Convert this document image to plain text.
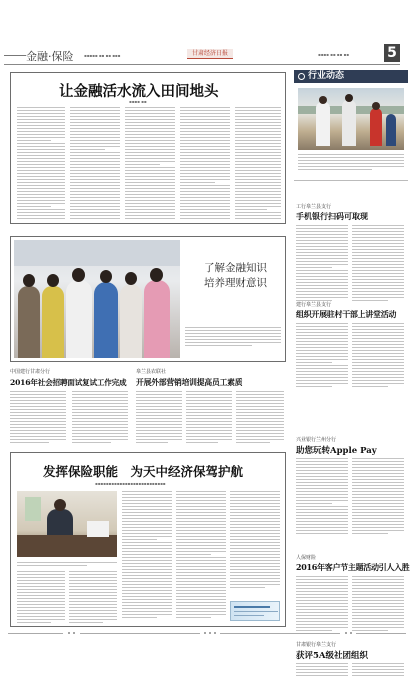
金融·保险	▪▪▪▪▪ ▪▪ ▪▪ ▪▪▪	甘肃经济日报	▪▪▪▪ ▪▪ ▪▪ ▪▪	5
让金融活水流入田间地头
▪▪▪▪ ▪▪
行业动态
工行皋兰县支行
手机银行扫码可取现
建行皋兰县支行
组织开展驻村干部上讲堂活动
兴业银行兰州分行
助您玩转Apple Pay
人保财险
2016年客户节主题活动引人入胜
甘肃银行皋兰支行
获评5A级社团组织
了解金融知识
培养理财意识
中国建行甘肃分行
2016年社会招聘面试复试工作完成
皋兰县农联社
开展外部营销培训提高员工素质
发挥保险职能　为天中经济保驾护航
▪▪▪▪▪▪▪▪▪▪▪▪▪▪▪▪▪▪▪▪▪▪▪▪▪▪
